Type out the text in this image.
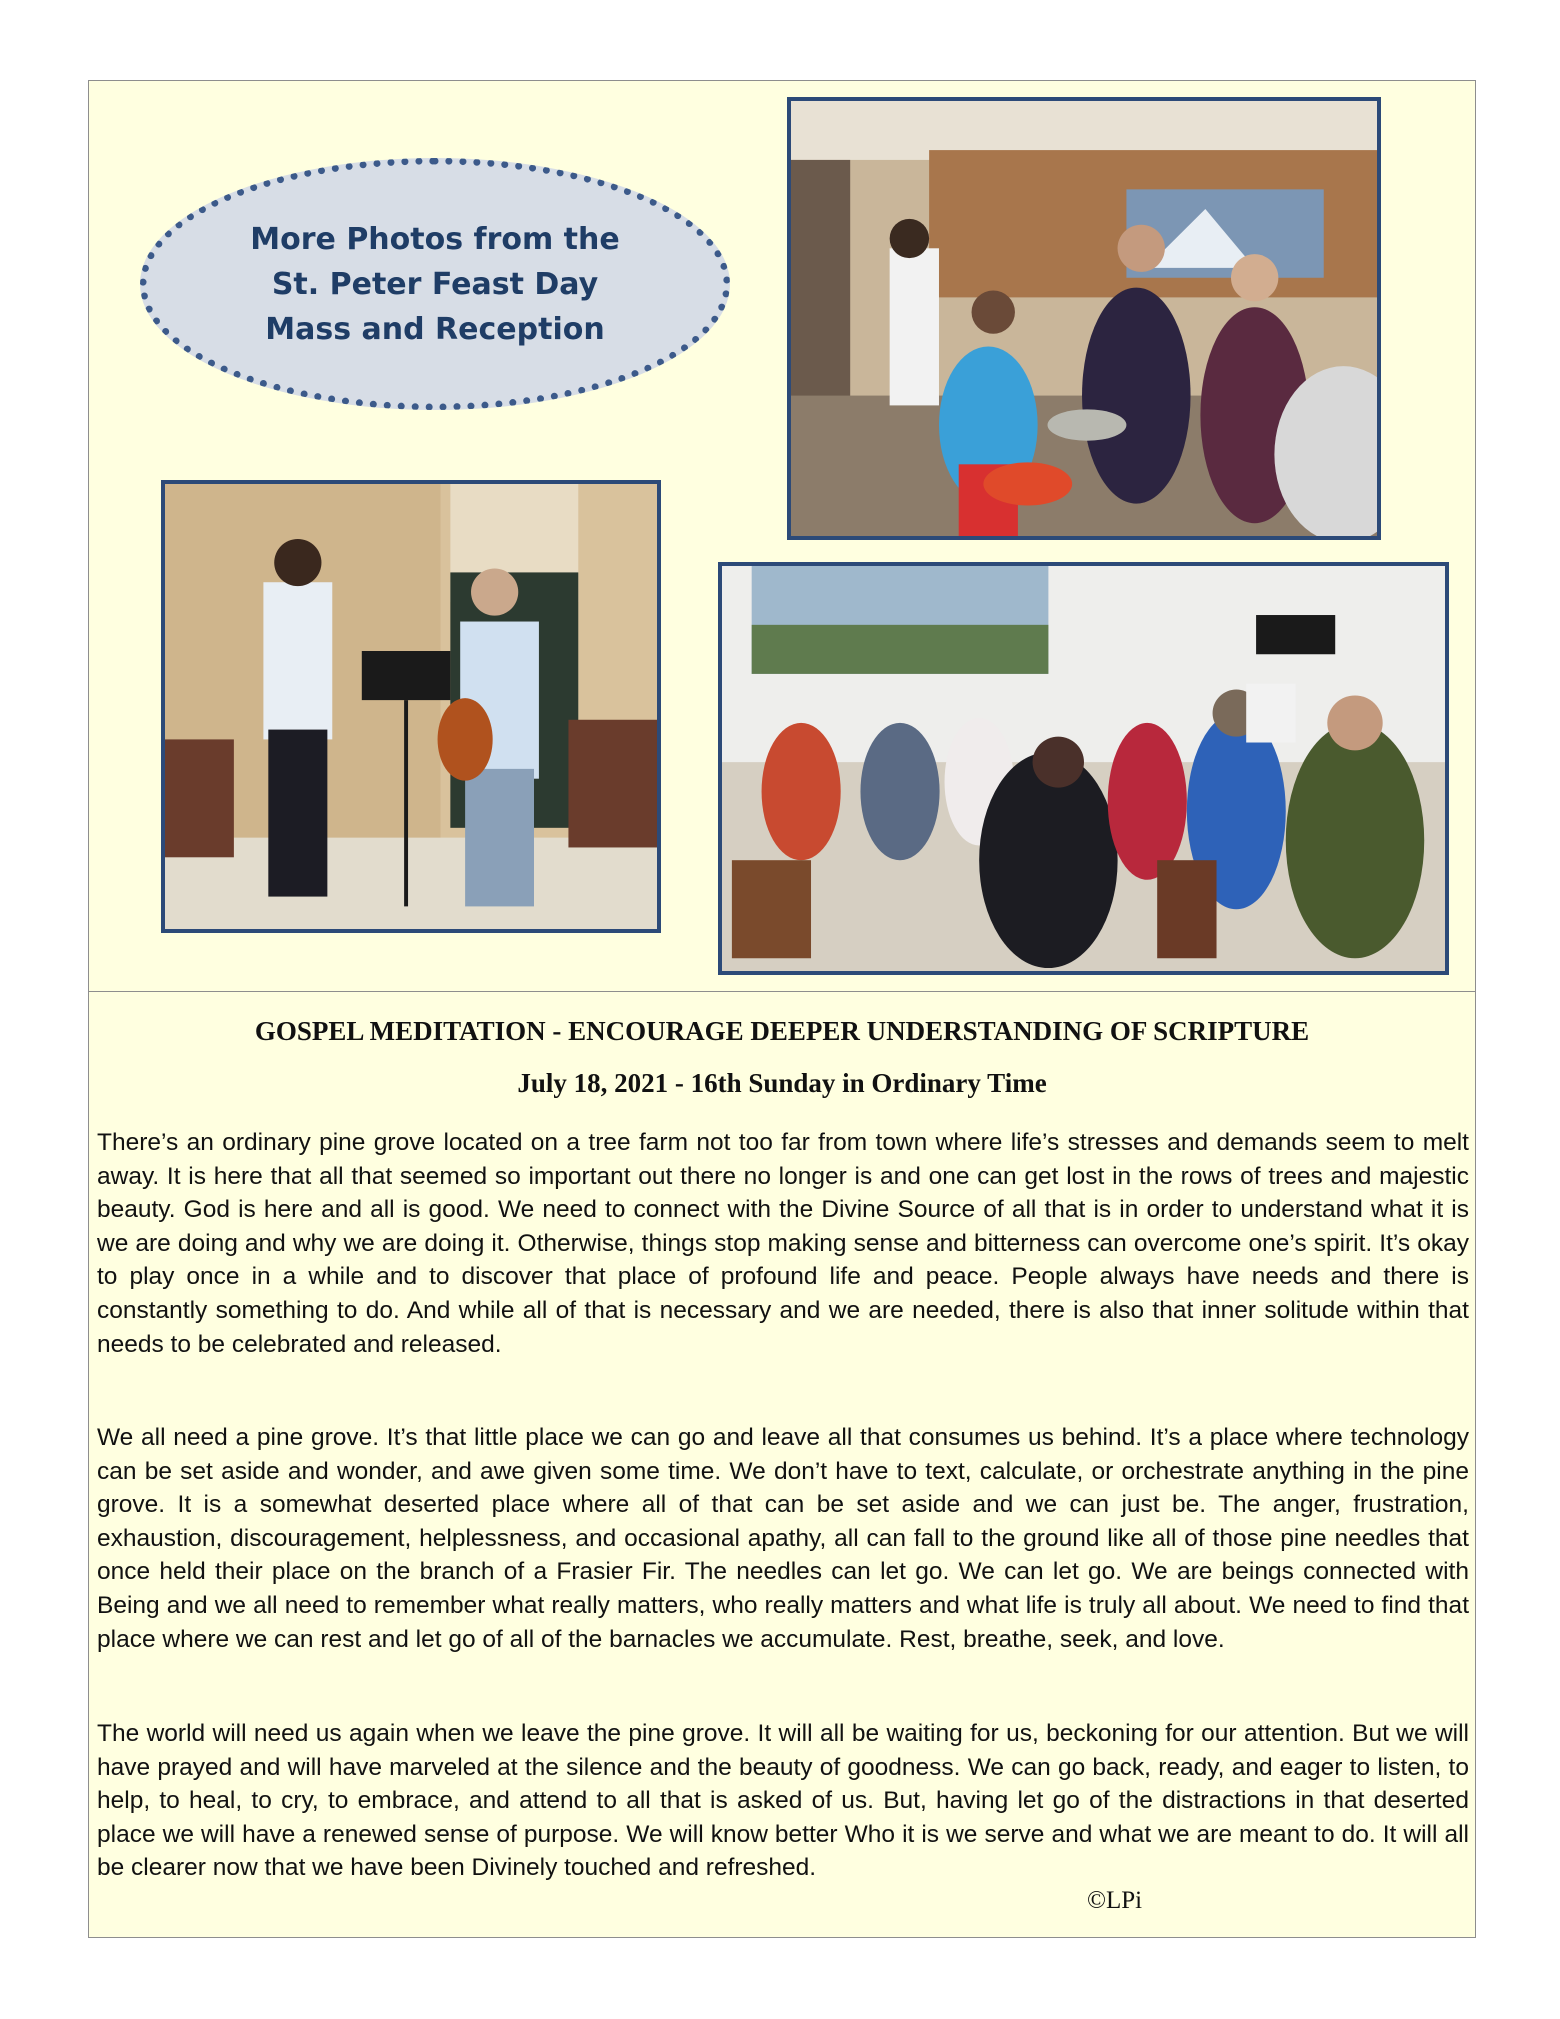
More Photos from the
St. Peter Feast Day
Mass and Reception
GOSPEL MEDITATION - ENCOURAGE DEEPER UNDERSTANDING OF SCRIPTURE
July 18, 2021 - 16th Sunday in Ordinary Time
There’s an ordinary pine grove located on a tree farm not too far from town where life’s stresses and demands seem to melt away. It is here that all that seemed so important out there no longer is and one can get lost in the rows of trees and majestic beauty. God is here and all is good. We need to connect with the Divine Source of all that is in order to understand what it is we are doing and why we are doing it. Otherwise, things stop making sense and bitterness can overcome one’s spirit. It’s okay to play once in a while and to discover that place of profound life and peace. People always have needs and there is constantly something to do. And while all of that is necessary and we are needed, there is also that inner solitude within that needs to be celebrated and released.
We all need a pine grove. It’s that little place we can go and leave all that consumes us behind. It’s a place where technology can be set aside and wonder, and awe given some time. We don’t have to text, calculate, or orchestrate anything in the pine grove. It is a somewhat deserted place where all of that can be set aside and we can just be. The anger, frustration, exhaustion, discouragement, helplessness, and occasional apathy, all can fall to the ground like all of those pine needles that once held their place on the branch of a Frasier Fir. The needles can let go. We can let go. We are beings connected with Being and we all need to remember what really matters, who really matters and what life is truly all about. We need to find that place where we can rest and let go of all of the barnacles we accumulate. Rest, breathe, seek, and love.
The world will need us again when we leave the pine grove. It will all be waiting for us, beckoning for our attention. But we will have prayed and will have marveled at the silence and the beauty of goodness. We can go back, ready, and eager to listen, to help, to heal, to cry, to embrace, and attend to all that is asked of us. But, having let go of the distractions in that deserted place we will have a renewed sense of purpose. We will know better Who it is we serve and what we are meant to do. It will all be clearer now that we have been Divinely touched and refreshed.
©LPi
